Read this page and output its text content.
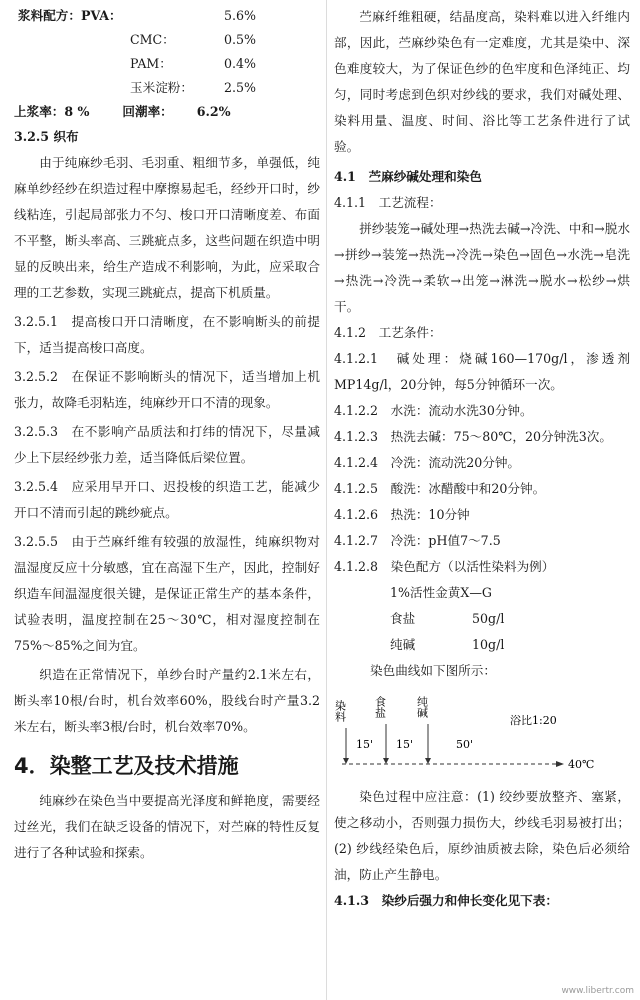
浆料配方：PVA：	5.6%
CMC：	0.5%
PAM：	0.4%
玉米淀粉：	2.5%
上浆率： 8 %	回潮率： 6.2%
3.2.5 织布

由于纯麻纱毛羽、毛羽重、粗细节多，单强低，纯麻单纱经纱在织造过程中摩擦易起毛，经纱开口时，纱线粘连，引起局部张力不匀、梭口开口清晰度差、布面不平整，断头率高、三跳疵点多，这些问题在织造中明显的反映出来，给生产造成不利影响，为此，应采取合理的工艺参数，实现三跳疵点，提高下机质量。

3.2.5.1　提高梭口开口清晰度，在不影响断头的前提下，适当提高梭口高度。

3.2.5.2　在保证不影响断头的情况下，适当增加上机张力，故降毛羽粘连，纯麻纱开口不清的现象。

3.2.5.3　在不影响产品质法和打纬的情况下，尽量减少上下层经纱张力差，适当降低后梁位置。

3.2.5.4　应采用早开口、迟投梭的织造工艺，能减少开口不清而引起的跳纱疵点。

3.2.5.5　由于苎麻纤维有较强的放湿性，纯麻织物对温湿度反应十分敏感，宜在高湿下生产，因此，控制好织造车间温湿度很关键，是保证正常生产的基本条件，试验表明，温度控制在25～30℃，相对湿度控制在75%～85%之间为宜。

织造在正常情况下，单纱台时产量约2.1米左右，断头率10根/台时，机台效率60%，股线台时产量3.2米左右，断头率3根/台时，机台效率70%。

4．染整工艺及技术措施

纯麻纱在染色当中要提高光泽度和鲜艳度，需要经过丝光，我们在缺乏设备的情况下，对苎麻的特性反复进行了各种试验和探索。

苎麻纤维粗硬，结晶度高，染料难以进入纤维内部，因此，苎麻纱染色有一定难度，尤其是染中、深色难度较大，为了保证色纱的色牢度和色泽纯正、均匀，同时考虑到色织对纱线的要求，我们对碱处理、染料用量、温度、时间、浴比等工艺条件进行了试验。

4.1　苎麻纱碱处理和染色
4.1.1　工艺流程：

拼纱装笼→碱处理→热洗去碱→冷洗、中和→脱水→拼纱→装笼→热洗→冷洗→染色→固色→水洗→皂洗→热洗→冷洗→柔软→出笼→淋洗→脱水→松纱→烘干。

4.1.2　工艺条件：

4.1.2.1　碱处理：烧碱160—170g/l，渗透剂MP14g/l，20分钟，每5分钟循环一次。

4.1.2.2　水洗：流动水洗30分钟。

4.1.2.3　热洗去碱：75～80℃，20分钟洗3次。

4.1.2.4　冷洗：流动洗20分钟。
4.1.2.5　酸洗：冰醋酸中和20分钟。
4.1.2.6　热洗：10分钟
4.1.2.7　冷洗：pH值7～7.5
4.1.2.8　染色配方（以活性染料为例）
1%活性金黄X—G
食盐	50g/l
纯碱	10g/l
染色曲线如下图所示：
染料 食盐	纯碱
15' 15'	50'
浴比1:20
40℃

染色过程中应注意：(1) 绞纱要放整齐、塞紧，使之移动小，否则强力损伤大，纱线毛羽易被打出；(2) 纱线经染色后，原纱油质被去除，染色后必须给油，防止产生静电。

4.1.3　染纱后强力和伸长变化见下表：
www.libertr.com
